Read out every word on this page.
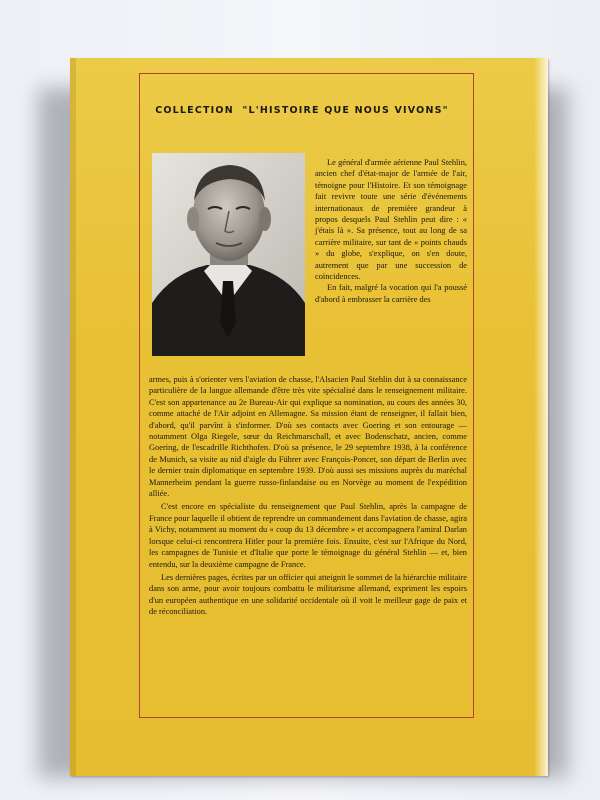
COLLECTION "L'HISTOIRE QUE NOUS VIVONS"

Le général d'armée aérienne Paul Stehlin, ancien chef d'état-major de l'armée de l'air, témoigne pour l'Histoire. Et son témoignage fait revivre toute une série d'événements internationaux de première grandeur à propos desquels Paul Stehlin peut dire : « j'étais là ». Sa présence, tout au long de sa carrière militaire, sur tant de « points chauds » du globe, s'explique, on s'en doute, autrement que par une succession de coïncidences.

En fait, malgré la vocation qui l'a poussé d'abord à embrasser la carrière des

armes, puis à s'orienter vers l'aviation de chasse, l'Alsacien Paul Stehlin dut à sa connaissance particulière de la langue allemande d'être très vite spécialisé dans le renseignement militaire. C'est son appartenance au 2e Bureau-Air qui explique sa nomination, au cours des années 30, comme attaché de l'Air adjoint en Allemagne. Sa mission étant de renseigner, il fallait bien, d'abord, qu'il parvînt à s'informer. D'où ses contacts avec Goering et son entourage — notamment Olga Riegele, sœur du Reichmarschall, et avec Bodenschatz, ancien, comme Goering, de l'escadrille Richthofen. D'où sa présence, le 29 septembre 1938, à la conférence de Munich, sa visite au nid d'aigle du Führer avec François-Poncet, son départ de Berlin avec le dernier train diplomatique en septembre 1939. D'où aussi ses missions auprès du maréchal Mannerheim pendant la guerre russo-finlandaise ou en Norvège au moment de l'expédition alliée.

C'est encore en spécialiste du renseignement que Paul Stehlin, après la campagne de France pour laquelle il obtient de reprendre un commandement dans l'aviation de chasse, agira à Vichy, notamment au moment du « coup du 13 décembre » et accompagnera l'amiral Darlan lorsque celui-ci rencontrera Hitler pour la première fois. Ensuite, c'est sur l'Afrique du Nord, les campagnes de Tunisie et d'Italie que porte le témoignage du général Stehlin — et, bien entendu, sur la deuxième campagne de France.

Les dernières pages, écrites par un officier qui atteignit le sommet de la hiérarchie militaire dans son arme, pour avoir toujours combattu le militarisme allemand, expriment les espoirs d'un européen authentique en une solidarité occidentale où il voit le meilleur gage de paix et de réconciliation.
